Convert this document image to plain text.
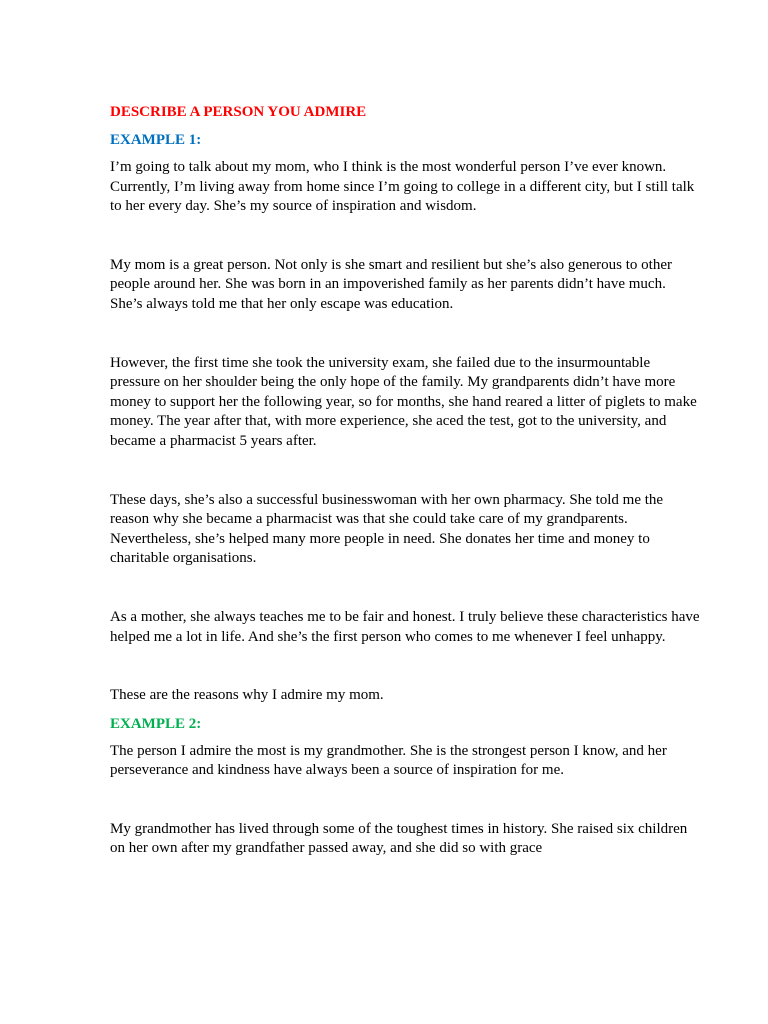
DESCRIBE A PERSON YOU ADMIRE
EXAMPLE 1:

I’m going to talk about my mom, who I think is the most wonderful person I’ve ever known. Currently, I’m living away from home since I’m going to college in a different city, but I still talk to her every day. She’s my source of inspiration and wisdom.

My mom is a great person. Not only is she smart and resilient but she’s also generous to other people around her. She was born in an impoverished family as her parents didn’t have much. She’s always told me that her only escape was education.

However, the first time she took the university exam, she failed due to the insurmountable pressure on her shoulder being the only hope of the family. My grandparents didn’t have more money to support her the following year, so for months, she hand reared a litter of piglets to make money. The year after that, with more experience, she aced the test, got to the university, and became a pharmacist 5 years after.

These days, she’s also a successful businesswoman with her own pharmacy. She told me the reason why she became a pharmacist was that she could take care of my grandparents. Nevertheless, she’s helped many more people in need. She donates her time and money to charitable organisations.

As a mother, she always teaches me to be fair and honest. I truly believe these characteristics have helped me a lot in life. And she’s the first person who comes to me whenever I feel unhappy.

These are the reasons why I admire my mom.

EXAMPLE 2:

The person I admire the most is my grandmother. She is the strongest person I know, and her perseverance and kindness have always been a source of inspiration for me.

My grandmother has lived through some of the toughest times in history. She raised six children on her own after my grandfather passed away, and she did so with grace
